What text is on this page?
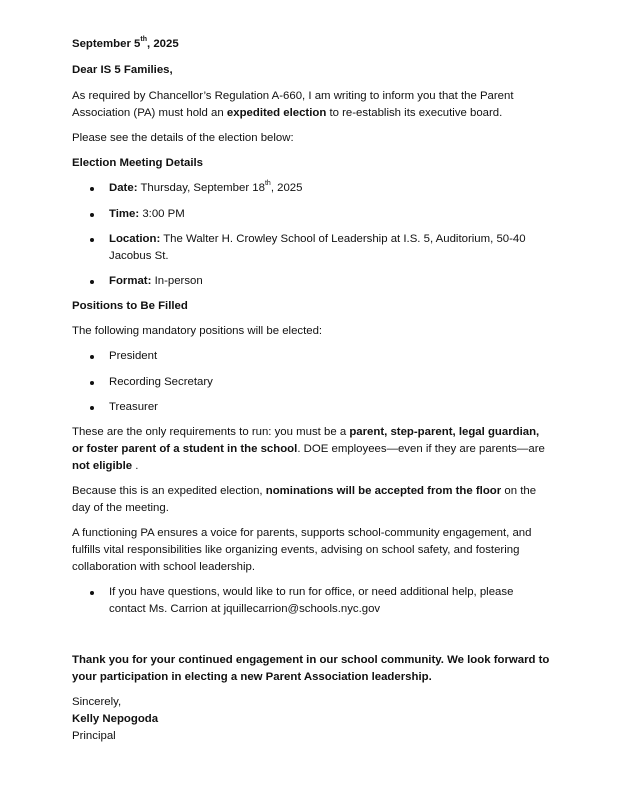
September 5th, 2025

Dear IS 5 Families,

As required by Chancellor’s Regulation A-660, I am writing to inform you that the Parent Association (PA) must hold an expedited election to re-establish its executive board.

Please see the details of the election below:

Election Meeting Details

Date: Thursday, September 18th, 2025
Time: 3:00 PM
Location: The Walter H. Crowley School of Leadership at I.S. 5, Auditorium, 50-40 Jacobus St.
Format: In-person

Positions to Be Filled

The following mandatory positions will be elected:

President
Recording Secretary
Treasurer

These are the only requirements to run: you must be a parent, step-parent, legal guardian, or foster parent of a student in the school. DOE employees—even if they are parents—are not eligible .

Because this is an expedited election, nominations will be accepted from the floor on the day of the meeting.

A functioning PA ensures a voice for parents, supports school-community engagement, and fulfills vital responsibilities like organizing events, advising on school safety, and fostering collaboration with school leadership.

If you have questions, would like to run for office, or need additional help, please contact Ms. Carrion at jquillecarrion@schools.nyc.gov

Thank you for your continued engagement in our school community. We look forward to your participation in electing a new Parent Association leadership.

Sincerely,

Kelly Nepogoda

Principal
